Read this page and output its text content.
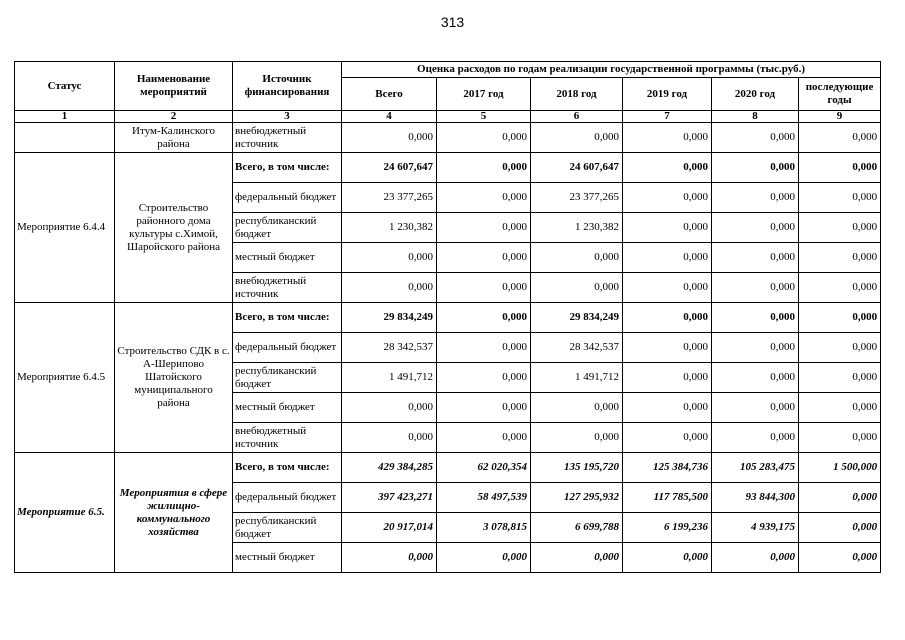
313
Статус	Наименование мероприятий	Источник финансирования	Оценка расходов по годам реализации государственной программы (тыс.руб.)					
			Всего	2017 год	2018 год	2019 год	2020 год	последующие годы
1	2	3	4	5	6	7	8	9
	Итум-Калинского района	внебюджетный источник	0,000	0,000	0,000	0,000	0,000	0,000
Мероприятие 6.4.4	Строительство районного дома культуры с.Химой, Шаройского района	Всего, в том числе:	24 607,647	0,000	24 607,647	0,000	0,000	0,000
		федеральный бюджет	23 377,265	0,000	23 377,265	0,000	0,000	0,000
		республиканский бюджет	1 230,382	0,000	1 230,382	0,000	0,000	0,000
		местный бюджет	0,000	0,000	0,000	0,000	0,000	0,000
		внебюджетный источник	0,000	0,000	0,000	0,000	0,000	0,000
Мероприятие 6.4.5	Строительство СДК в с. А-Шерипово Шатойского муниципального района	Всего, в том числе:	29 834,249	0,000	29 834,249	0,000	0,000	0,000
		федеральный бюджет	28 342,537	0,000	28 342,537	0,000	0,000	0,000
		республиканский бюджет	1 491,712	0,000	1 491,712	0,000	0,000	0,000
		местный бюджет	0,000	0,000	0,000	0,000	0,000	0,000
		внебюджетный источник	0,000	0,000	0,000	0,000	0,000	0,000
Мероприятие 6.5.	Мероприятия в сфере жилищно-коммунального хозяйства	Всего, в том числе:	429 384,285	62 020,354	135 195,720	125 384,736	105 283,475	1 500,000
		федеральный бюджет	397 423,271	58 497,539	127 295,932	117 785,500	93 844,300	0,000
		республиканский бюджет	20 917,014	3 078,815	6 699,788	6 199,236	4 939,175	0,000
		местный бюджет	0,000	0,000	0,000	0,000	0,000	0,000
